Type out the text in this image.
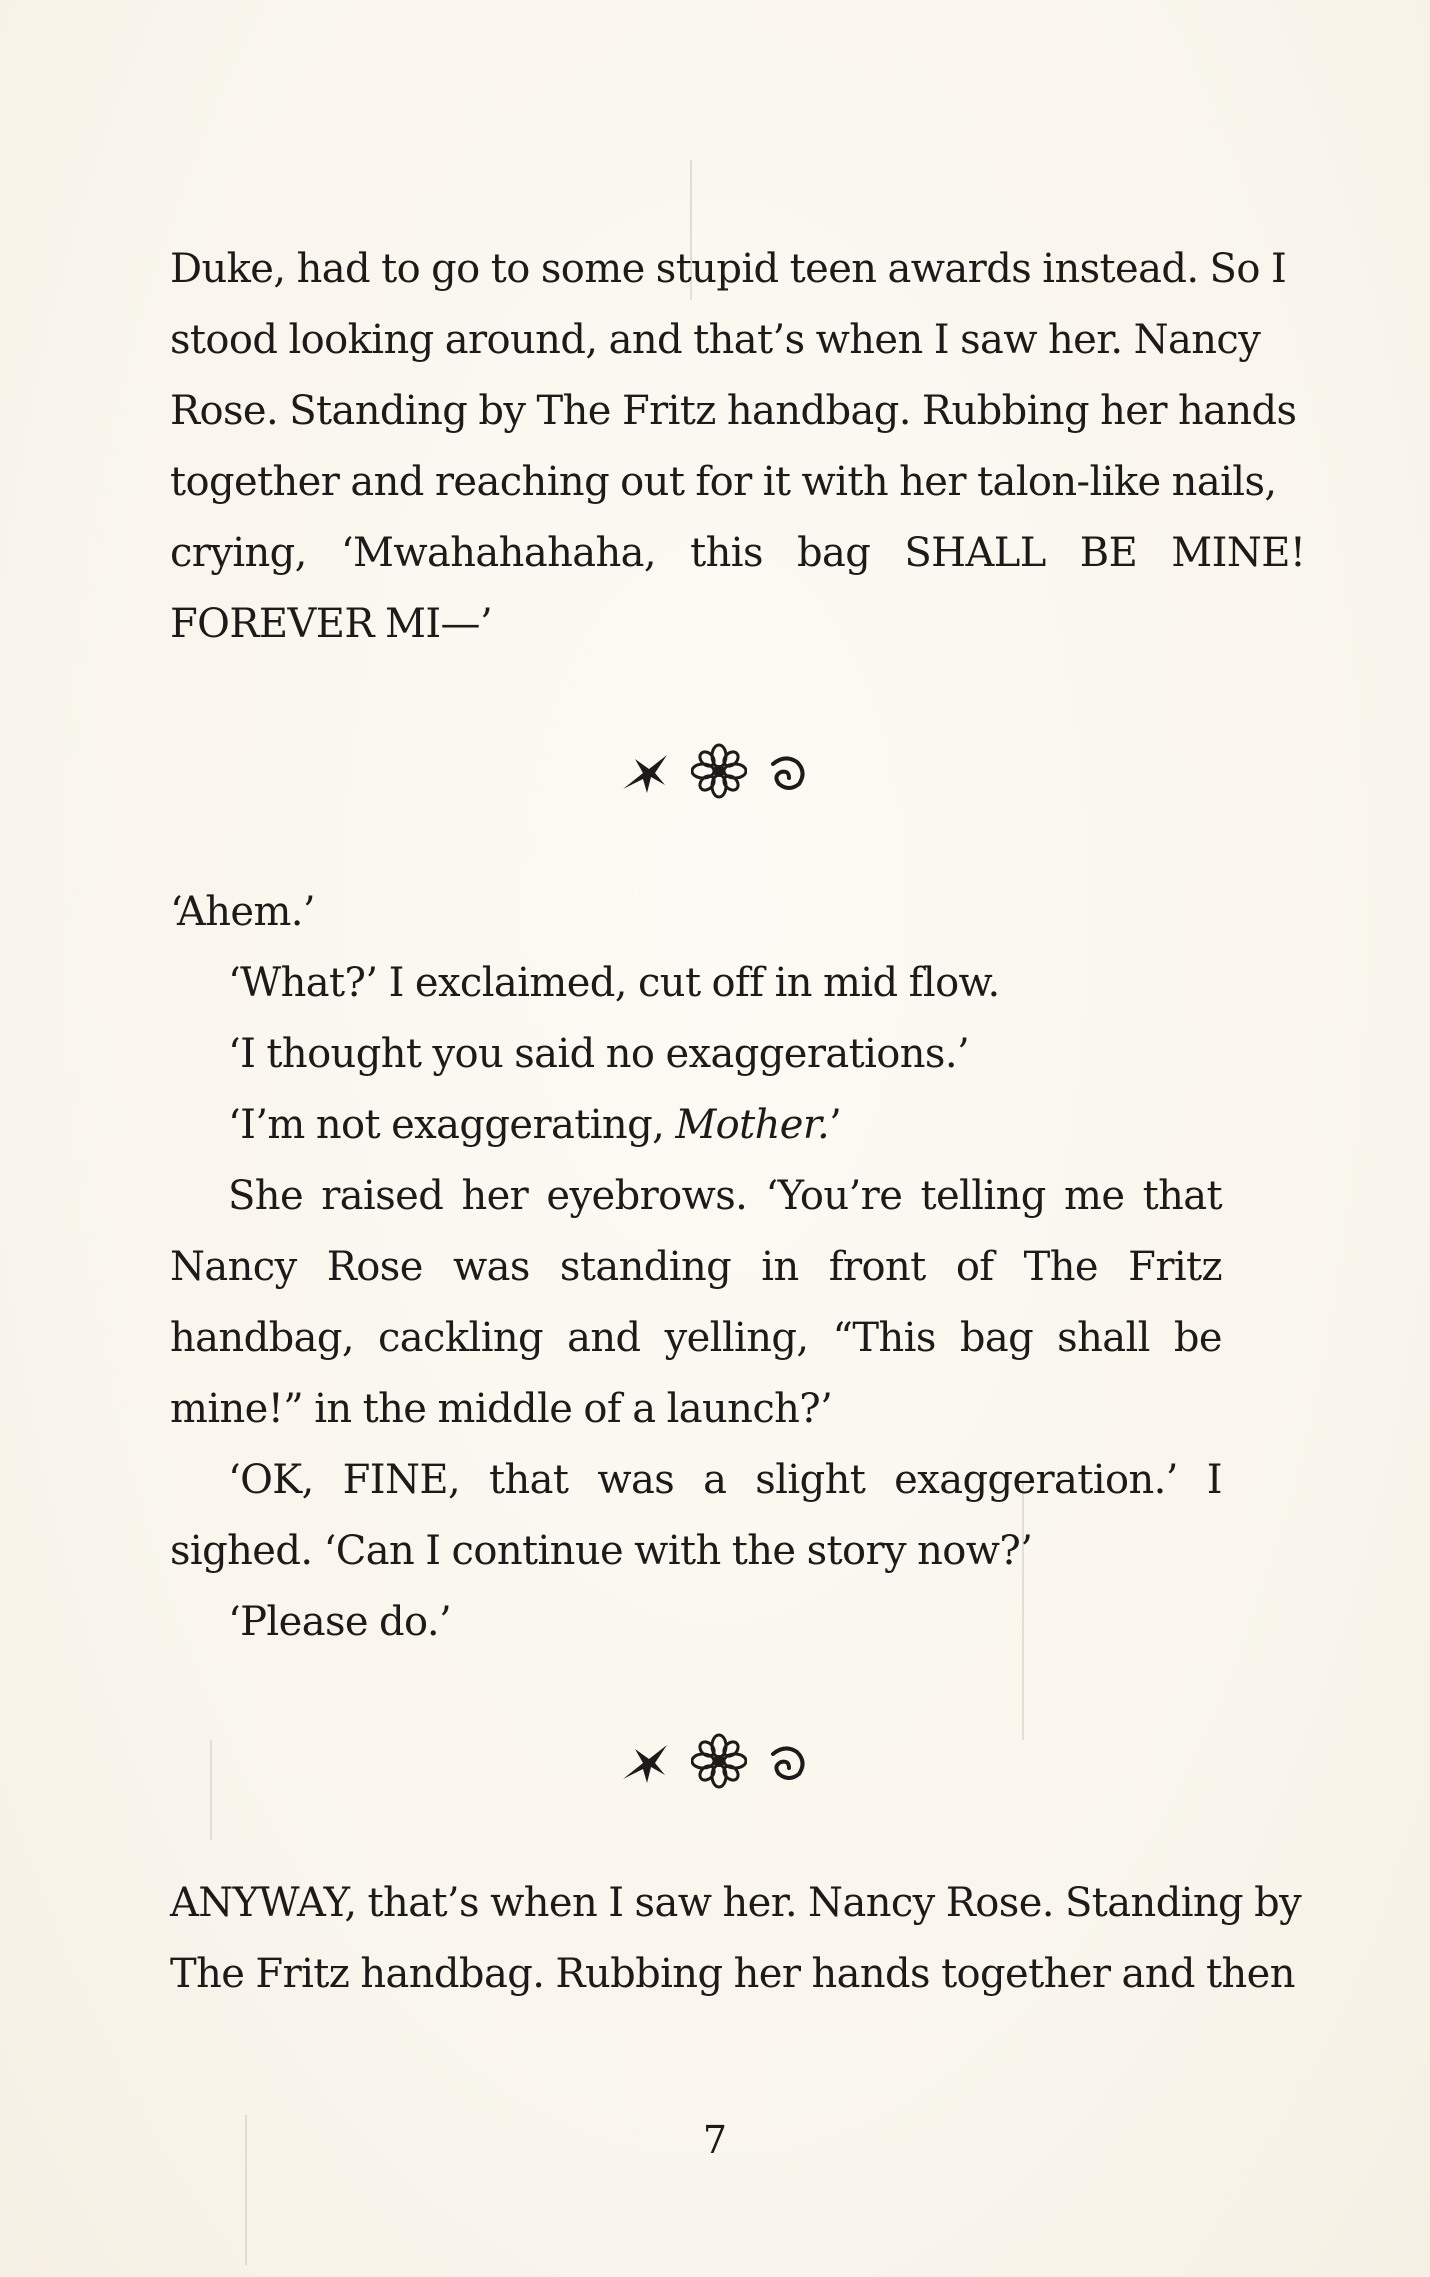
Duke, had to go to some stupid teen awards instead. So I

stood looking around, and that’s when I saw her. Nancy

Rose. Standing by The Fritz handbag. Rubbing her hands

together and reaching out for it with her talon-like nails,

crying, ‘Mwahahahaha, this bag SHALL BE MINE!

FOREVER MI—’

‘Ahem.’

‘What?’ I exclaimed, cut off in mid flow.

‘I thought you said no exaggerations.’

‘I’m not exaggerating, Mother.’

She raised her eyebrows. ‘You’re telling me that Nancy Rose was standing in front of The Fritz handbag, cackling and yelling, “This bag shall be mine!” in the middle of a launch?’

‘OK, FINE, that was a slight exaggeration.’ I sighed. ‘Can I continue with the story now?’

‘Please do.’

ANYWAY, that’s when I saw her. Nancy Rose. Standing by

The Fritz handbag. Rubbing her hands together and then

7
